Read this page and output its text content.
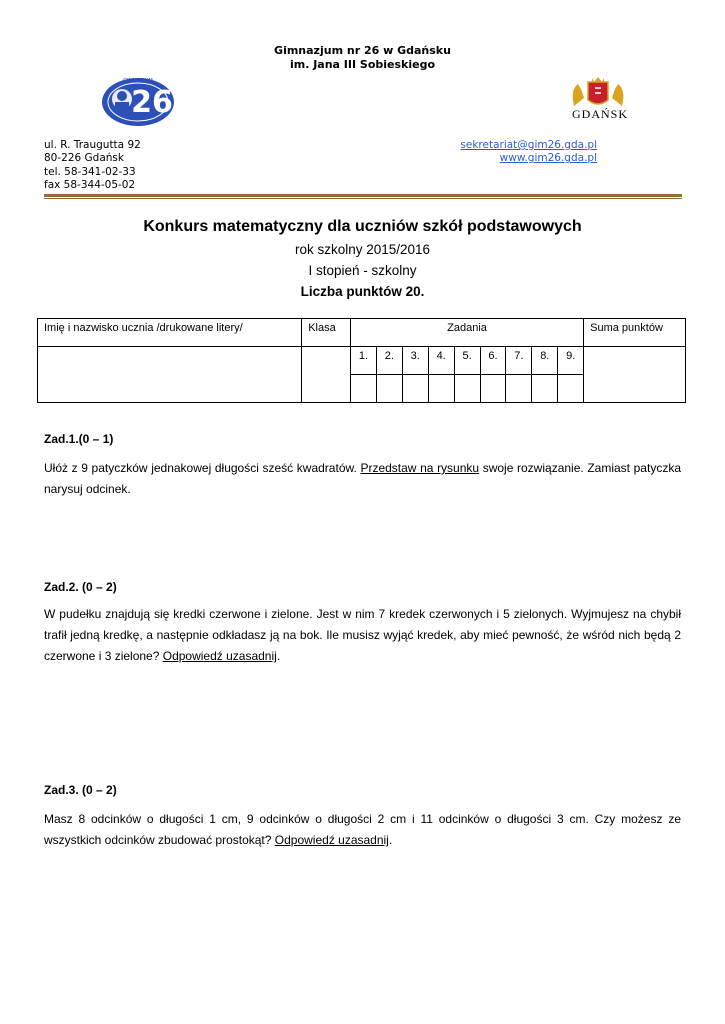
Gimnazjum nr 26 w Gdańsku
im. Jana III Sobieskiego
26
GIMNAZJUM
GDAŃSK
ul. R. Traugutta 92
80-226 Gdańsk
tel. 58-341-02-33
fax 58-344-05-02
sekretariat@gim26.gda.pl
www.gim26.gda.pl
Konkurs matematyczny dla uczniów szkół podstawowych
rok szkolny 2015/2016
I stopień - szkolny
Liczba punktów 20.
Imię i nazwisko ucznia /drukowane litery/	Klasa	Zadania									Suma punktów
		1.	2.	3.	4.	5.	6.	7.	8.	9.	

Zad.1.(0 – 1)
Ułóż z 9 patyczków jednakowej długości sześć kwadratów. Przedstaw na rysunku swoje rozwiązanie. Zamiast patyczka narysuj odcinek.
Zad.2. (0 – 2)
W pudełku znajdują się kredki czerwone i zielone. Jest w nim 7 kredek czerwonych i 5 zielonych. Wyjmujesz na chybił trafił jedną kredkę, a następnie odkładasz ją na bok. Ile musisz wyjąć kredek, aby mieć pewność, że wśród nich będą 2 czerwone i 3 zielone? Odpowiedź uzasadnij.
Zad.3. (0 – 2)
Masz 8 odcinków o długości 1 cm, 9 odcinków o długości 2 cm i 11 odcinków o długości 3 cm. Czy możesz ze wszystkich odcinków zbudować prostokąt? Odpowiedź uzasadnij.
